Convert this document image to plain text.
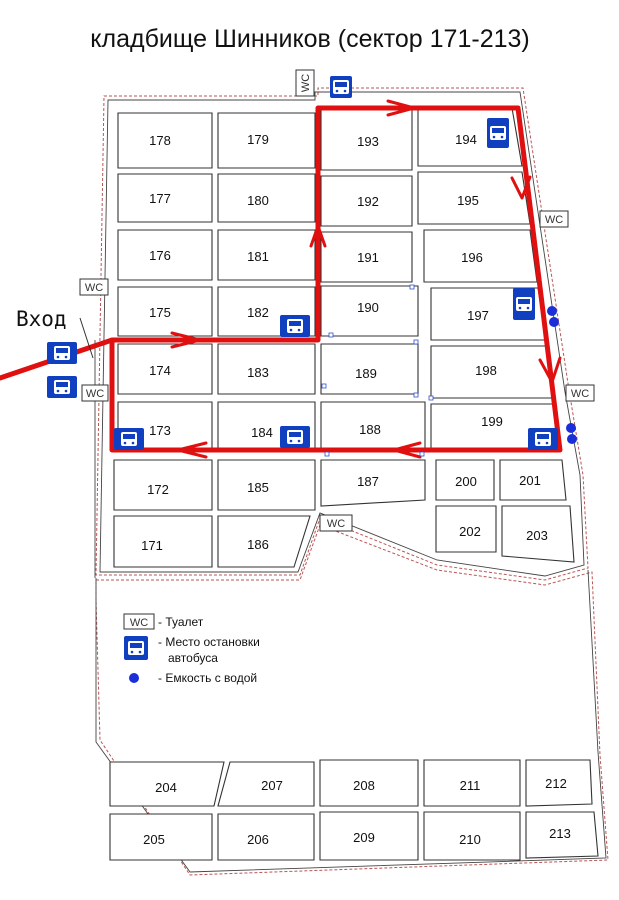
кладбище Шинников (сектор 171-213)
178	179	193	194
177	180	192	195
176	181	191	196
175	182	190
197
174	183	189	198
173	184	188
199
172	185	187	200	201
171	186
202	203
204	207	208	211	212
205	206	209	210	213
WC
WC
WC
WC
WC
WC
Вход
WC - Туалет
- Место остановки
автобуса
- Емкость с водой
